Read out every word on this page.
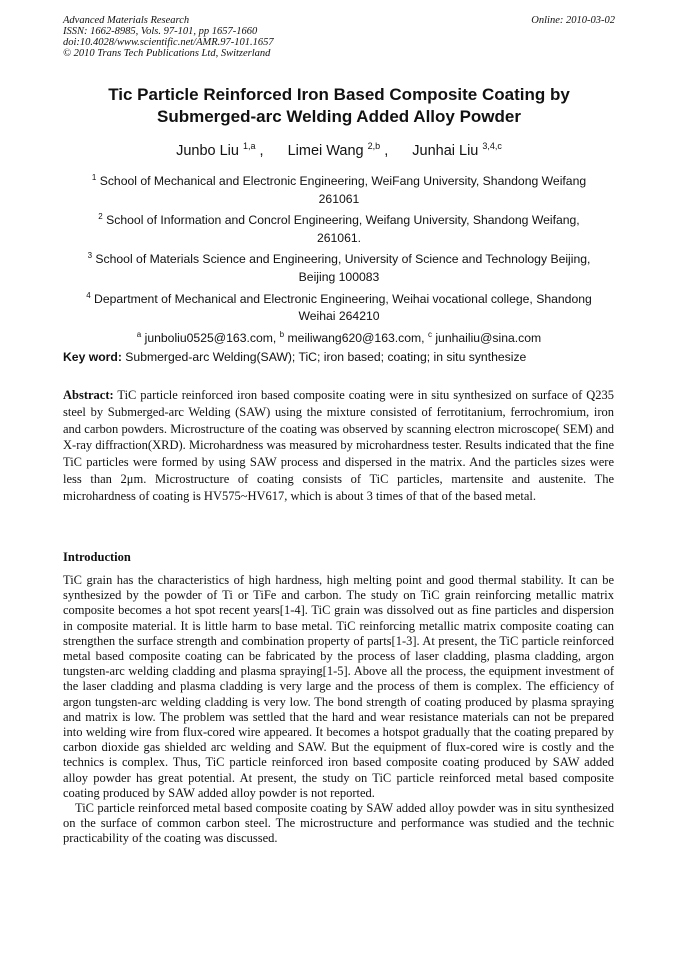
Advanced Materials Research
ISSN: 1662-8985, Vols. 97-101, pp 1657-1660
doi:10.4028/www.scientific.net/AMR.97-101.1657
© 2010 Trans Tech Publications Ltd, Switzerland
Online: 2010-03-02
Tic Particle Reinforced Iron Based Composite Coating by
Submerged-arc Welding Added Alloy Powder
Junbo Liu $^{1,a}$ , Limei Wang $^{2,b}$ , Junhai Liu $^{3,4,c}$
$^1$ School of Mechanical and Electronic Engineering, WeiFang University, Shandong Weifang 261061
$^2$ School of Information and Concrol Engineering, Weifang University, Shandong Weifang, 261061.
$^3$ School of Materials Science and Engineering, University of Science and Technology Beijing, Beijing 100083
$^4$ Department of Mechanical and Electronic Engineering, Weihai vocational college, Shandong Weihai 264210
$^a$ junboliu0525@163.com, $^b$ meiliwang620@163.com, $^c$ junhailiu@sina.com
Key word: Submerged-arc Welding(SAW); TiC; iron based; coating; in situ synthesize

Abstract: TiC particle reinforced iron based composite coating were in situ synthesized on surface of Q235 steel by Submerged-arc Welding (SAW) using the mixture consisted of ferrotitanium, ferrochromium, iron and carbon powders. Microstructure of the coating was observed by scanning electron microscope( SEM) and X-ray diffraction(XRD). Microhardness was measured by microhardness tester. Results indicated that the fine TiC particles were formed by using SAW process and dispersed in the matrix. And the particles sizes were less than 2μm. Microstructure of coating consists of TiC particles, martensite and austenite. The microhardness of coating is HV575~HV617, which is about 3 times of that of the based metal.

Introduction

TiC grain has the characteristics of high hardness, high melting point and good thermal stability. It can be synthesized by the powder of Ti or TiFe and carbon. The study on TiC grain reinforcing metallic matrix composite becomes a hot spot recent years[1-4]. TiC grain was dissolved out as fine particles and dispersion in composite material. It is little harm to base metal. TiC reinforcing metallic matrix composite coating can strengthen the surface strength and combination property of parts[1-3]. At present, the TiC particle reinforced metal based composite coating can be fabricated by the process of laser cladding, plasma cladding, argon tungsten-arc welding cladding and plasma spraying[1-5]. Above all the process, the equipment investment of the laser cladding and plasma cladding is very large and the process of them is complex. The efficiency of argon tungsten-arc welding cladding is very low. The bond strength of coating produced by plasma spraying and matrix is low. The problem was settled that the hard and wear resistance materials can not be prepared into welding wire from flux-cored wire appeared. It becomes a hotspot gradually that the coating prepared by carbon dioxide gas shielded arc welding and SAW. But the equipment of flux-cored wire is costly and the technics is complex. Thus, TiC particle reinforced iron based composite coating produced by SAW added alloy powder has great potential. At present, the study on TiC particle reinforced metal based composite coating produced by SAW added alloy powder is not reported.

TiC particle reinforced metal based composite coating by SAW added alloy powder was in situ synthesized on the surface of common carbon steel. The microstructure and performance was studied and the technic practicability of the coating was discussed.
